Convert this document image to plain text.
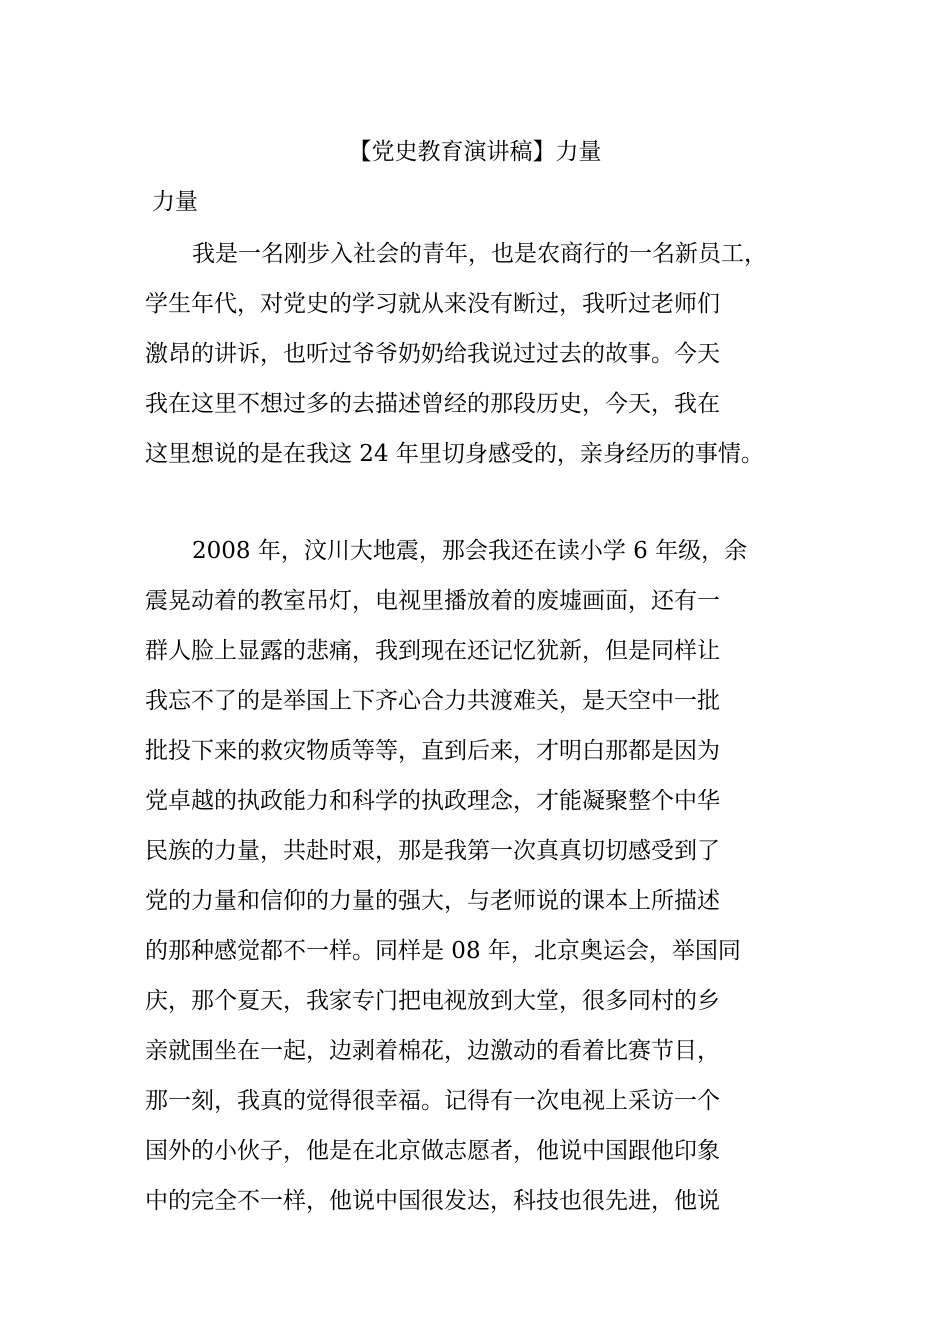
【党史教育演讲稿】力量

力量

我是一名刚步入社会的青年，也是农商行的一名新员工，
学生年代，对党史的学习就从来没有断过，我听过老师们
激昂的讲诉，也听过爷爷奶奶给我说过过去的故事。今天
我在这里不想过多的去描述曾经的那段历史，今天，我在
这里想说的是在我这 24 年里切身感受的，亲身经历的事情。
2008 年，汶川大地震，那会我还在读小学 6 年级，余
震晃动着的教室吊灯，电视里播放着的废墟画面，还有一
群人脸上显露的悲痛，我到现在还记忆犹新，但是同样让
我忘不了的是举国上下齐心合力共渡难关，是天空中一批
批投下来的救灾物质等等，直到后来，才明白那都是因为
党卓越的执政能力和科学的执政理念，才能凝聚整个中华
民族的力量，共赴时艰，那是我第一次真真切切感受到了
党的力量和信仰的力量的强大，与老师说的课本上所描述
的那种感觉都不一样。同样是 08 年，北京奥运会，举国同
庆，那个夏天，我家专门把电视放到大堂，很多同村的乡
亲就围坐在一起，边剥着棉花，边激动的看着比赛节目，
那一刻，我真的觉得很幸福。记得有一次电视上采访一个
国外的小伙子，他是在北京做志愿者，他说中国跟他印象
中的完全不一样，他说中国很发达，科技也很先进，他说
